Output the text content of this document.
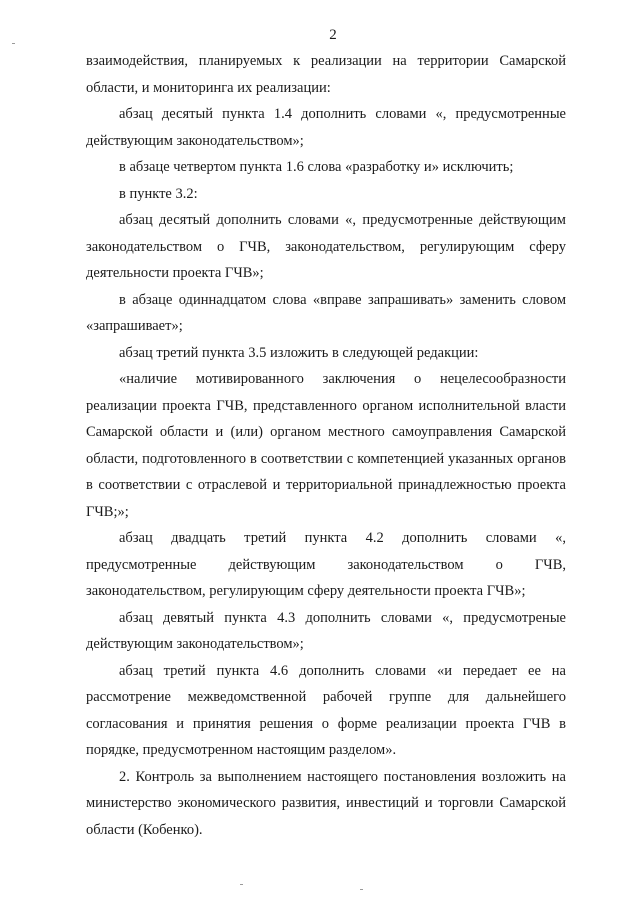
2

взаимодействия, планируемых к реализации на территории Самарской области, и мониторинга их реализации:

абзац десятый пункта 1.4 дополнить словами «, предусмотренные действующим законодательством»;

в абзаце четвертом пункта 1.6 слова «разработку и» исключить;

в пункте 3.2:

абзац десятый дополнить словами «, предусмотренные действующим законодательством о ГЧВ, законодательством, регулирующим сферу деятельности проекта ГЧВ»;

в абзаце одиннадцатом слова «вправе запрашивать» заменить словом «запрашивает»;

абзац третий пункта 3.5 изложить в следующей редакции:

«наличие мотивированного заключения о нецелесообразности реализации проекта ГЧВ, представленного органом исполнительной власти Самарской области и (или) органом местного самоуправления Самарской области, подготовленного в соответствии с компетенцией указанных органов в соответствии с отраслевой и территориальной принадлежностью проекта ГЧВ;»;

абзац двадцать третий пункта 4.2 дополнить словами «, предусмотренные действующим законодательством о ГЧВ, законодательством, регулирующим сферу деятельности проекта ГЧВ»;

абзац девятый пункта 4.3 дополнить словами «, предусмотреные действующим законодательством»;

абзац третий пункта 4.6 дополнить словами «и передает ее на рассмотрение межведомственной рабочей группе для дальнейшего согласования и принятия решения о форме реализации проекта ГЧВ в порядке, предусмотренном настоящим разделом».

2. Контроль за выполнением настоящего постановления возложить на министерство экономического развития, инвестиций и торговли Самарской области (Кобенко).
